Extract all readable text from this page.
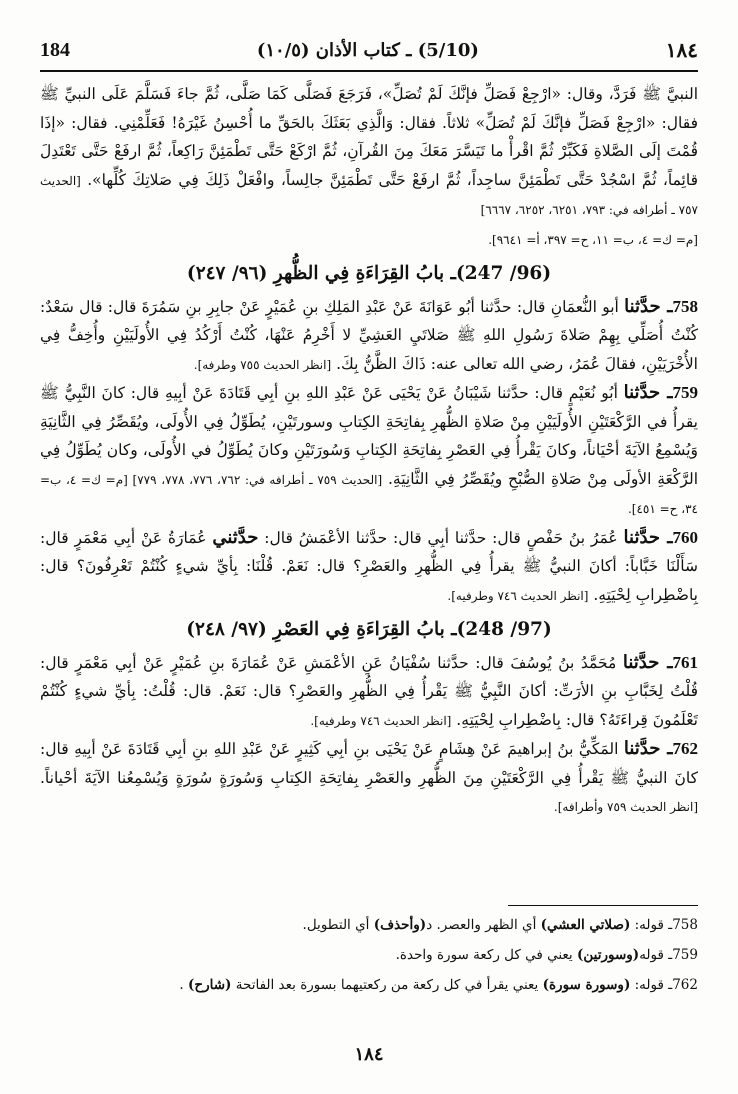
184	(5/10) ـ كتاب الأذان (١٠/٥)	١٨٤

النبيَّ ﷺ فَرَدَّ، وقال: «ارْجِعْ فَصَلِّ فإنَّكَ لَمْ تُصَلِّ»، فَرَجَعَ فَصَلَّى كَمَا صَلَّى، ثُمَّ جاءَ فَسَلَّمَ عَلَى النبيِّ ﷺ فقال: «ارْجِعْ فَصَلِّ فإنَّكَ لَمْ تُصَلِّ» ثلاثاً. فقال: وَالَّذِي بَعَثَكَ بالحَقِّ ما أُحْسِنُ غَيْرَهُ! فَعَلِّمْنِي. فقال: «إذَا قُمْتَ إلَى الصَّلاةِ فَكَبِّرْ ثُمَّ اقْرأْ ما تَيَسَّرَ مَعَكَ مِنَ القُرآنِ، ثُمَّ ارْكَعْ حَتَّى تَطْمَئِنَّ رَاكِعاً، ثُمَّ ارفَعْ حَتَّى تَعْتَدِلَ قائِماً، ثُمَّ اسْجُدْ حَتَّى تَطْمَئِنَّ ساجِداً، ثُمَّ ارفَعْ حَتَّى تَطْمَئِنَّ جالِساً، وافْعَلْ ذَلِكَ فِي صَلاتِكَ كُلِّها». [الحديث ٧٥٧ ـ أطرافه في: ٧٩٣، ٦٢٥١، ٦٢٥٢، ٦٦٦٧]
[م= ك= ٤، ب= ١١، ح= ٣٩٧، أ= ٩٦٤١].

(96/ 247)ـ بابُ القِرَاءَةِ فِي الظُّهرِ (٩٦/ ٢٤٧)

758ـ حدَّثنا أبو النُّعمَانِ قال: حدَّثنا أبُو عَوَانَةَ عَنْ عَبْدِ المَلِكِ بنِ عُمَيْرٍ عَنْ جابِرِ بنِ سَمُرَةَ قال: قال سَعْدٌ: كُنْتُ أُصَلِّي بِهِمْ صَلاةَ رَسُولِ اللهِ ﷺ صَلاتَيِ العَشِيِّ لا أَخْرِمُ عَنْهَا، كُنْتُ أَرْكُدُ فِي الأُولَيَيْنِ وأُخِفُّ فِي الأُخْرَيَيْنِ، فقالَ عُمَرُ، رضي الله تعالى عنه: ذَاكَ الظَّنُّ بِكَ. [انظر الحديث ٧٥٥ وطرفه].

759ـ حدَّثنا أبُو نُعَيْمٍ قال: حدَّثنا شَيْبَانُ عَنْ يَحْيَى عَنْ عَبْدِ اللهِ بنِ أبِي قَتَادَةَ عَنْ أبِيهِ قال: كانَ النَّبِيُّ ﷺ يقرأُ في الرَّكْعَتَيْنِ الأُولَيَيْنِ مِنْ صَلاةِ الظُّهرِ بِفاتِحَةِ الكِتابِ وسورتَيْنِ، يُطَوِّلُ فِي الأُولَى، ويُقَصِّرُ فِي الثَّانِيَةِ وَيُسْمِعُ الآيَةَ أحْيَاناً، وكانَ يَقْرأُ فِي العَصْرِ بِفاتِحَةِ الكِتابِ وَسُورَتَيْنِ وكانَ يُطَوِّلُ في الأُولَى، وكان يُطَوِّلُ فِي الرَّكْعَةِ الأولَى مِنْ صَلاةِ الصُّبْحِ ويُقَصِّرُ فِي الثَّانِيَةِ. [الحديث ٧٥٩ ـ أطرافه في: ٧٦٢، ٧٧٦، ٧٧٨، ٧٧٩] [م= ك= ٤، ب= ٣٤، ح= ٤٥١].

760ـ حدَّثنا عُمَرُ بنُ حَفْصٍ قال: حدَّثنا أبِي قال: حدَّثنا الأعْمَشُ قال: حدَّثني عُمَارَةُ عَنْ أبِي مَعْمَرٍ قال: سَأَلْنَا خَبَّاباً: أكانَ النبيُّ ﷺ يقرأُ فِي الظُّهرِ والعَصْرِ؟ قال: نَعَمْ. قُلْنَا: بِأيِّ شيءٍ كُنْتُمْ تَعْرِفُونَ؟ قال: بِاضْطِرابِ لِحْيَتِهِ. [انظر الحديث ٧٤٦ وطرفيه].

(97/ 248)ـ بابُ القِرَاءَةِ فِي العَصْرِ (٩٧/ ٢٤٨)

761ـ حدَّثنا مُحَمَّدُ بنُ يُوسُفَ قال: حدَّثنا سُفْيَانُ عَنِ الأعْمَشِ عَنْ عُمَارَةَ بنِ عُمَيْرٍ عَنْ أبِي مَعْمَرٍ قال: قُلْتُ لِخَبَّابِ بنِ الأرَتِّ: أكانَ النَّبِيُّ ﷺ يَقْرأُ فِي الظُّهرِ والعَصْرِ؟ قال: نَعَمْ. قال: قُلْتُ: بِأيِّ شيءٍ كُنْتُمْ تَعْلَمُونَ قِراءَتَهُ؟ قال: بِاضْطِرابِ لِحْيَتِهِ. [انظر الحديث ٧٤٦ وطرفيه].

762ـ حدَّثنا المَكِّيُّ بنُ إبراهيمَ عَنْ هِشَامٍ عَنْ يَحْيَى بنِ أبِي كَثِيرٍ عَنْ عَبْدِ اللهِ بنِ أبِي قَتَادَةَ عَنْ أبِيهِ قال: كانَ النبيُّ ﷺ يَقْرأُ فِي الرَّكْعَتَيْنِ مِنَ الظُّهرِ والعَصْرِ بِفاتِحَةِ الكِتابِ وَسُورَةٍ سُورَةٍ وَيُسْمِعُنا الآيَةَ أحْياناً. [انظر الحديث ٧٥٩ وأطرافه].

758ـ قوله: (صلاتي العشي) أي الظهر والعصر. د(وأحذف) أي التطويل.
759ـ قوله(وسورتين) يعني في كل ركعة سورة واحدة.
762ـ قوله: (وسورة سورة) يعني يقرأ في كل ركعة من ركعتيهما بسورة بعد الفاتحة (شارح) .
١٨٤
